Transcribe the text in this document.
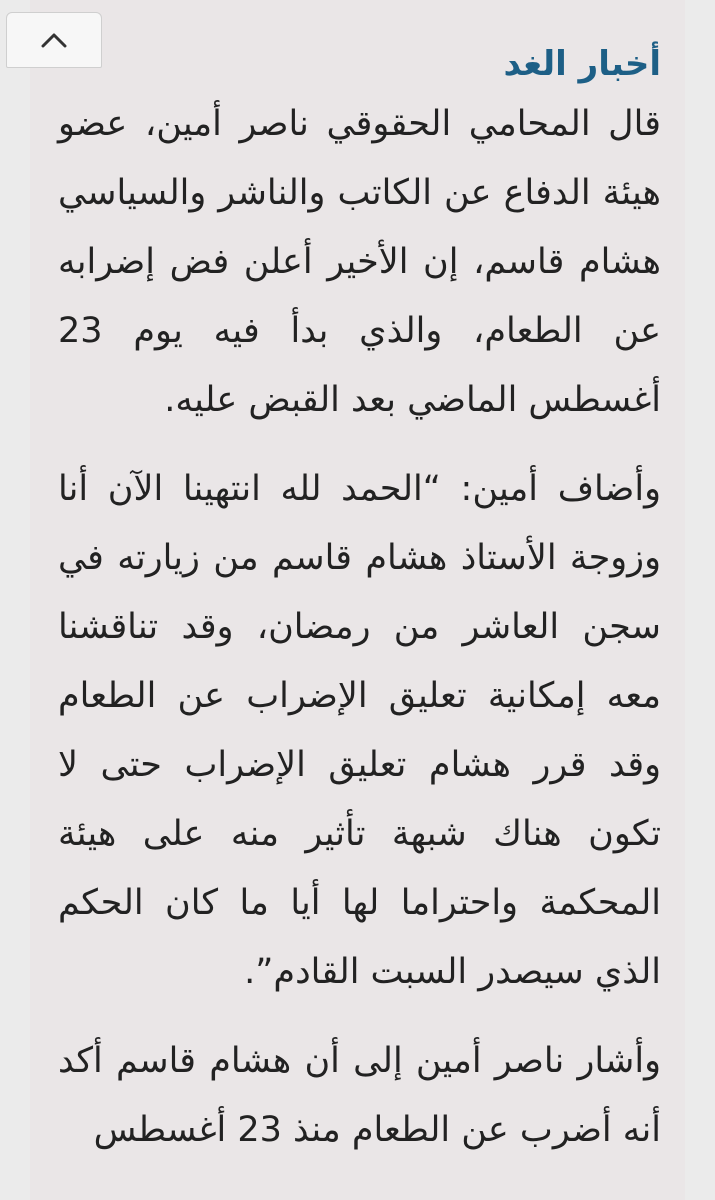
أخبار الغد

قال المحامي الحقوقي ناصر أمين، عضو هيئة الدفاع عن الكاتب والناشر والسياسي هشام قاسم، إن الأخير أعلن فض إضرابه عن الطعام، والذي بدأ فيه يوم 23 أغسطس الماضي بعد القبض عليه.

وأضاف أمين: “الحمد لله انتهينا الآن أنا وزوجة الأستاذ هشام قاسم من زيارته في سجن العاشر من رمضان، وقد تناقشنا معه إمكانية تعليق الإضراب عن الطعام وقد قرر هشام تعليق الإضراب حتى لا تكون هناك شبهة تأثير منه على هيئة المحكمة واحتراما لها أيا ما كان الحكم الذي سيصدر السبت القادم”.

وأشار ناصر أمين إلى أن هشام قاسم أكد أنه أضرب عن الطعام منذ 23 أغسطس
